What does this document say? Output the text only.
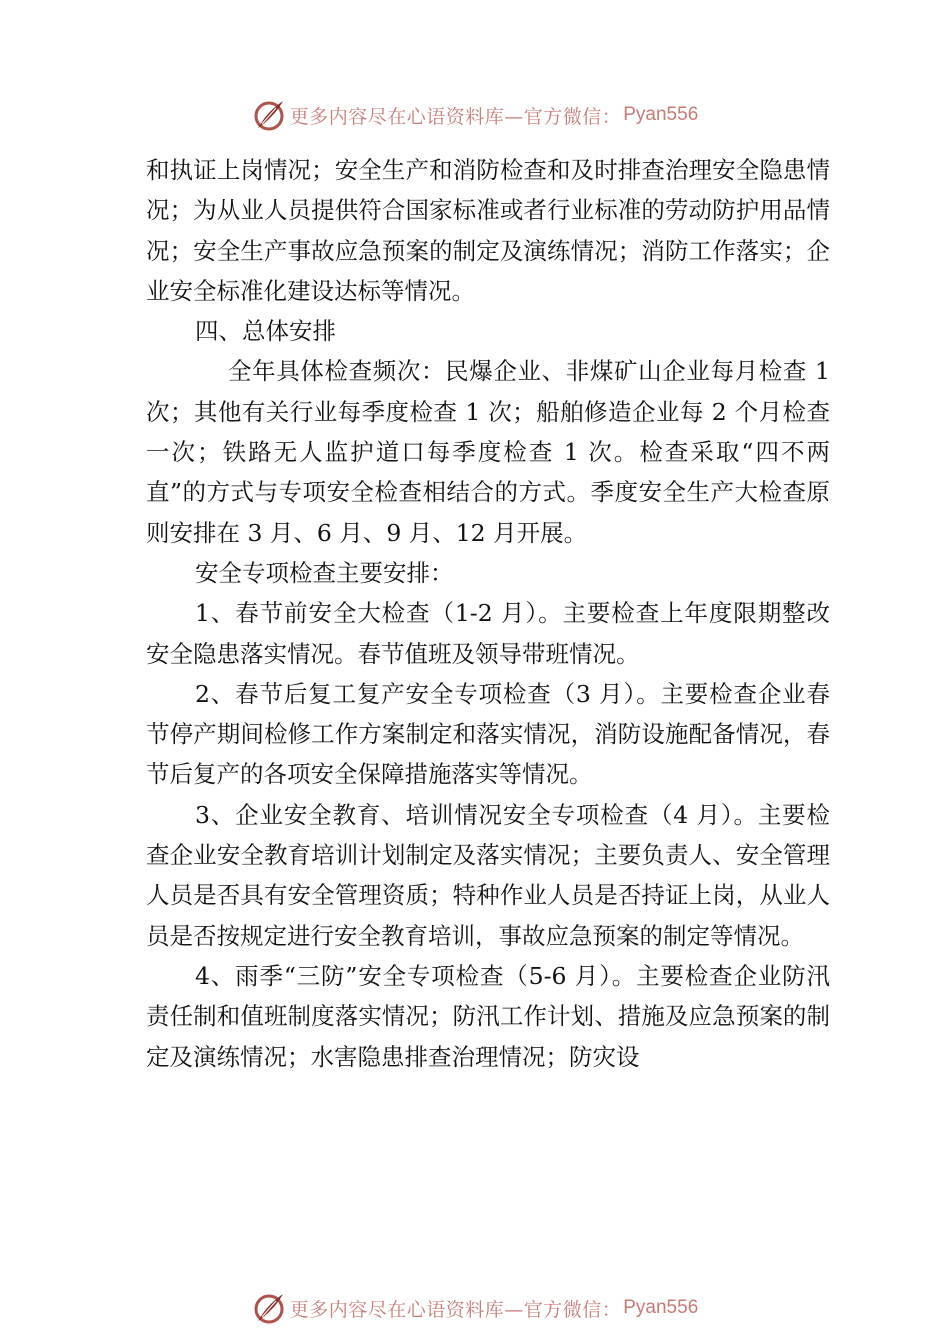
更多内容尽在心语资料库—官方微信： Pyan556

和执证上岗情况；安全生产和消防检查和及时排查治理安全隐患情况；为从业人员提供符合国家标准或者行业标准的劳动防护用品情况；安全生产事故应急预案的制定及演练情况；消防工作落实；企业安全标准化建设达标等情况。

四、总体安排

全年具体检查频次：民爆企业、非煤矿山企业每月检查 1 次；其他有关行业每季度检查 1 次；船舶修造企业每 2 个月检查一次；铁路无人监护道口每季度检查 1 次。检查采取“四不两直”的方式与专项安全检查相结合的方式。季度安全生产大检查原则安排在 3 月、6 月、9 月、12 月开展。

安全专项检查主要安排：

1、春节前安全大检查（1-2 月）。主要检查上年度限期整改安全隐患落实情况。春节值班及领导带班情况。

2、春节后复工复产安全专项检查（3 月）。主要检查企业春节停产期间检修工作方案制定和落实情况，消防设施配备情况，春节后复产的各项安全保障措施落实等情况。

3、企业安全教育、培训情况安全专项检查（4 月）。主要检查企业安全教育培训计划制定及落实情况；主要负责人、安全管理人员是否具有安全管理资质；特种作业人员是否持证上岗，从业人员是否按规定进行安全教育培训，事故应急预案的制定等情况。

4、雨季“三防”安全专项检查（5-6 月）。主要检查企业防汛责任制和值班制度落实情况；防汛工作计划、措施及应急预案的制定及演练情况；水害隐患排查治理情况；防灾设

更多内容尽在心语资料库—官方微信： Pyan556
